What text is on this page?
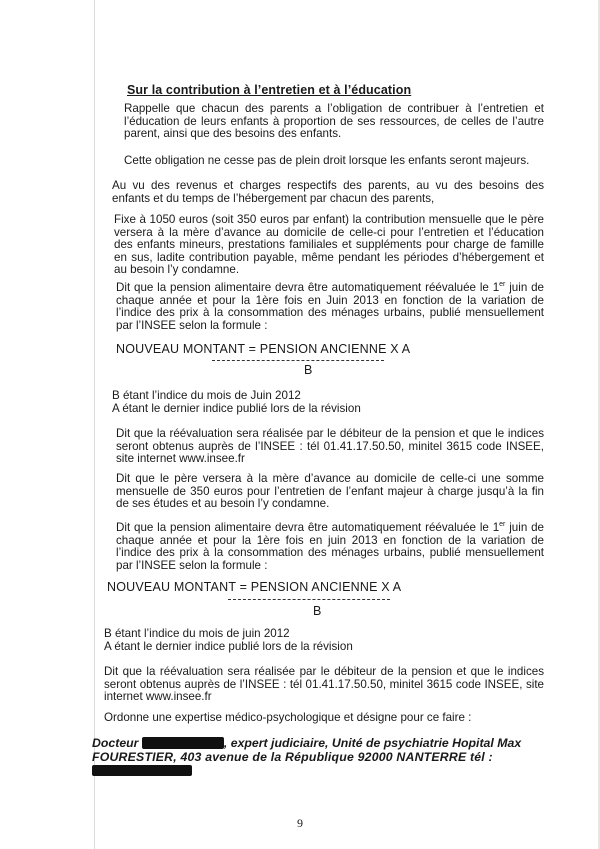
Sur la contribution à l’entretien et à l’éducation
Rappelle que chacun des parents a l’obligation de contribuer à l’entretien et l’éducation de leurs enfants à proportion de ses ressources, de celles de l’autre parent, ainsi que des besoins des enfants.
Cette obligation ne cesse pas de plein droit lorsque les enfants seront majeurs.
Au vu des revenus et charges respectifs des parents, au vu des besoins des enfants et du temps de l’hébergement par chacun des parents,
Fixe à 1050 euros (soit 350 euros par enfant) la contribution mensuelle que le père versera à la mère d’avance au domicile de celle-ci pour l’entretien et l’éducation des enfants mineurs, prestations familiales et suppléments pour charge de famille en sus, ladite contribution payable, même pendant les périodes d’hébergement et au besoin l’y condamne.
Dit que la pension alimentaire devra être automatiquement réévaluée le 1er juin de chaque année et pour la 1ère fois en Juin 2013 en fonction de la variation de l’indice des prix à la consommation des ménages urbains, publié mensuellement par l’INSEE selon la formule :
NOUVEAU MONTANT = PENSION ANCIENNE X A
B
B étant l’indice du mois de Juin 2012
A étant le dernier indice publié lors de la révision
Dit que la réévaluation sera réalisée par le débiteur de la pension et que le indices seront obtenus auprès de l’INSEE : tél 01.41.17.50.50, minitel 3615 code INSEE, site internet www.insee.fr
Dit que le père versera à la mère d’avance au domicile de celle-ci une somme mensuelle de 350 euros pour l’entretien de l’enfant majeur à charge jusqu’à la fin de ses études et au besoin l’y condamne.
Dit que la pension alimentaire devra être automatiquement réévaluée le 1er juin de chaque année et pour la 1ère fois en juin 2013 en fonction de la variation de l’indice des prix à la consommation des ménages urbains, publié mensuellement par l’INSEE selon la formule :
NOUVEAU MONTANT = PENSION ANCIENNE X A
B
B étant l’indice du mois de juin 2012
A étant le dernier indice publié lors de la révision
Dit que la réévaluation sera réalisée par le débiteur de la pension et que le indices seront obtenus auprès de l’INSEE : tél 01.41.17.50.50, minitel 3615 code INSEE, site internet www.insee.fr
Ordonne une expertise médico-psychologique et désigne pour ce faire :
Docteur	, expert judiciaire, Unité de psychiatrie Hopital Max
FOURESTIER, 403 avenue de la République 92000 NANTERRE tél :
9
